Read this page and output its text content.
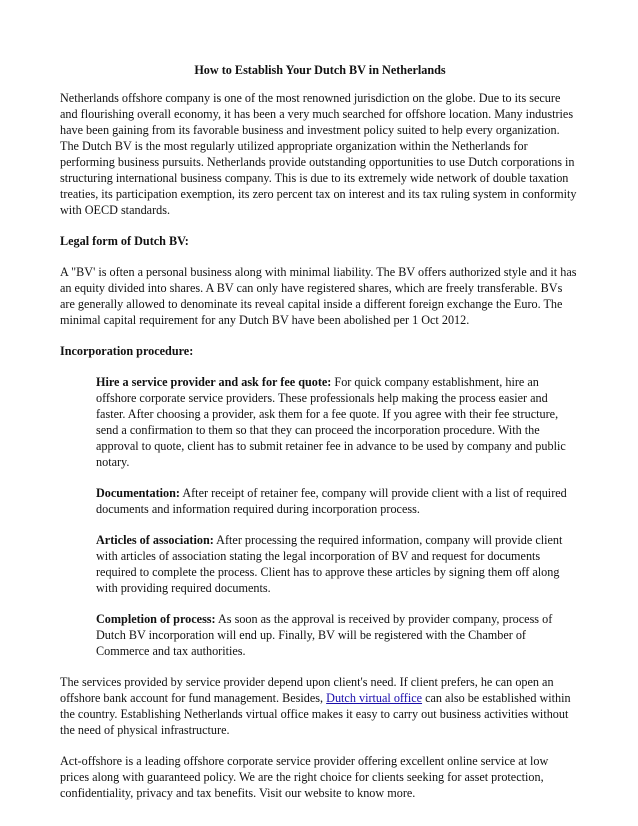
How to Establish Your Dutch BV in Netherlands

Netherlands offshore company is one of the most renowned jurisdiction on the globe. Due to its secure and flourishing overall economy, it has been a very much searched for offshore location. Many industries have been gaining from its favorable business and investment policy suited to help every organization. The Dutch BV is the most regularly utilized appropriate organization within the Netherlands for performing business pursuits. Netherlands provide outstanding opportunities to use Dutch corporations in structuring international business company. This is due to its extremely wide network of double taxation treaties, its participation exemption, its zero percent tax on interest and its tax ruling system in conformity with OECD standards.

Legal form of Dutch BV:

A "BV' is often a personal business along with minimal liability. The BV offers authorized style and it has an equity divided into shares. A BV can only have registered shares, which are freely transferable. BVs are generally allowed to denominate its reveal capital inside a different foreign exchange the Euro. The minimal capital requirement for any Dutch BV have been abolished per 1 Oct 2012.

Incorporation procedure:
Hire a service provider and ask for fee quote: For quick company establishment, hire an offshore corporate service providers. These professionals help making the process easier and faster. After choosing a provider, ask them for a fee quote. If you agree with their fee structure, send a confirmation to them so that they can proceed the incorporation procedure. With the approval to quote, client has to submit retainer fee in advance to be used by company and public notary.
Documentation: After receipt of retainer fee, company will provide client with a list of required documents and information required during incorporation process.
Articles of association: After processing the required information, company will provide client with articles of association stating the legal incorporation of BV and request for documents required to complete the process. Client has to approve these articles by signing them off along with providing required documents.
Completion of process: As soon as the approval is received by provider company, process of Dutch BV incorporation will end up. Finally, BV will be registered with the Chamber of Commerce and tax authorities.

The services provided by service provider depend upon client's need. If client prefers, he can open an offshore bank account for fund management. Besides, Dutch virtual office can also be established within the country. Establishing Netherlands virtual office makes it easy to carry out business activities without the need of physical infrastructure.

Act-offshore is a leading offshore corporate service provider offering excellent online service at low prices along with guaranteed policy. We are the right choice for clients seeking for asset protection, confidentiality, privacy and tax benefits. Visit our website to know more.
